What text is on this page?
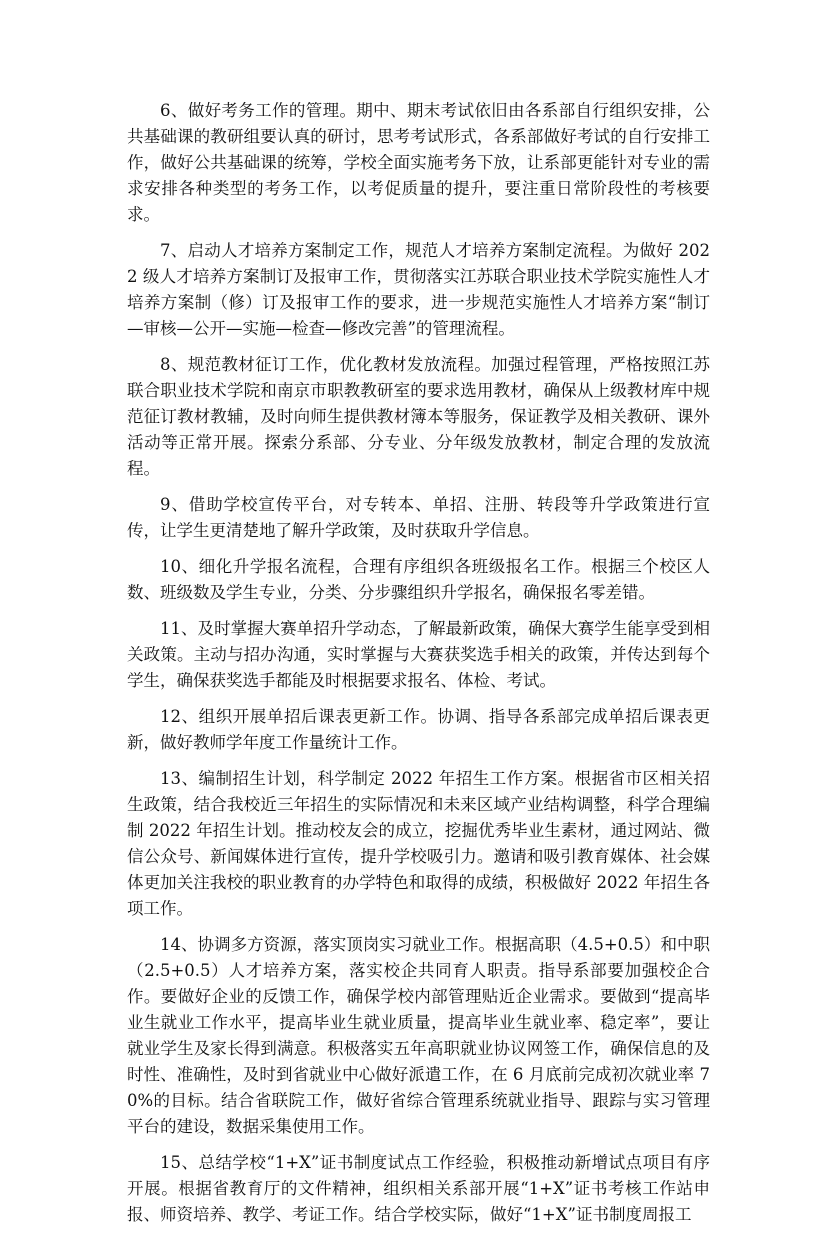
6、做好考务工作的管理。期中、期末考试依旧由各系部自行组织安排，公共基础课的教研组要认真的研讨，思考考试形式，各系部做好考试的自行安排工作，做好公共基础课的统筹，学校全面实施考务下放，让系部更能针对专业的需求安排各种类型的考务工作，以考促质量的提升，要注重日常阶段性的考核要求。

7、启动人才培养方案制定工作，规范人才培养方案制定流程。为做好 2022 级人才培养方案制订及报审工作，贯彻落实江苏联合职业技术学院实施性人才培养方案制（修）订及报审工作的要求，进一步规范实施性人才培养方案“制订—审核—公开—实施—检查—修改完善”的管理流程。

8、规范教材征订工作，优化教材发放流程。加强过程管理，严格按照江苏联合职业技术学院和南京市职教教研室的要求选用教材，确保从上级教材库中规范征订教材教辅，及时向师生提供教材簿本等服务，保证教学及相关教研、课外活动等正常开展。探索分系部、分专业、分年级发放教材，制定合理的发放流程。

9、借助学校宣传平台，对专转本、单招、注册、转段等升学政策进行宣传，让学生更清楚地了解升学政策，及时获取升学信息。

10、细化升学报名流程，合理有序组织各班级报名工作。根据三个校区人数、班级数及学生专业，分类、分步骤组织升学报名，确保报名零差错。

11、及时掌握大赛单招升学动态，了解最新政策，确保大赛学生能享受到相关政策。主动与招办沟通，实时掌握与大赛获奖选手相关的政策，并传达到每个学生，确保获奖选手都能及时根据要求报名、体检、考试。

12、组织开展单招后课表更新工作。协调、指导各系部完成单招后课表更新，做好教师学年度工作量统计工作。

13、编制招生计划，科学制定 2022 年招生工作方案。根据省市区相关招生政策，结合我校近三年招生的实际情况和未来区域产业结构调整，科学合理编制 2022 年招生计划。推动校友会的成立，挖掘优秀毕业生素材，通过网站、微信公众号、新闻媒体进行宣传，提升学校吸引力。邀请和吸引教育媒体、社会媒体更加关注我校的职业教育的办学特色和取得的成绩，积极做好 2022 年招生各项工作。

14、协调多方资源，落实顶岗实习就业工作。根据高职（4.5+0.5）和中职（2.5+0.5）人才培养方案，落实校企共同育人职责。指导系部要加强校企合作。要做好企业的反馈工作，确保学校内部管理贴近企业需求。要做到“提高毕业生就业工作水平，提高毕业生就业质量，提高毕业生就业率、稳定率”，要让就业学生及家长得到满意。积极落实五年高职就业协议网签工作，确保信息的及时性、准确性，及时到省就业中心做好派遣工作，在 6 月底前完成初次就业率 70%的目标。结合省联院工作，做好省综合管理系统就业指导、跟踪与实习管理平台的建设，数据采集使用工作。

15、总结学校“1+X”证书制度试点工作经验，积极推动新增试点项目有序开展。根据省教育厅的文件精神，组织相关系部开展“1+X”证书考核工作站申报、师资培养、教学、考证工作。结合学校实际，做好“1+X”证书制度周报工
